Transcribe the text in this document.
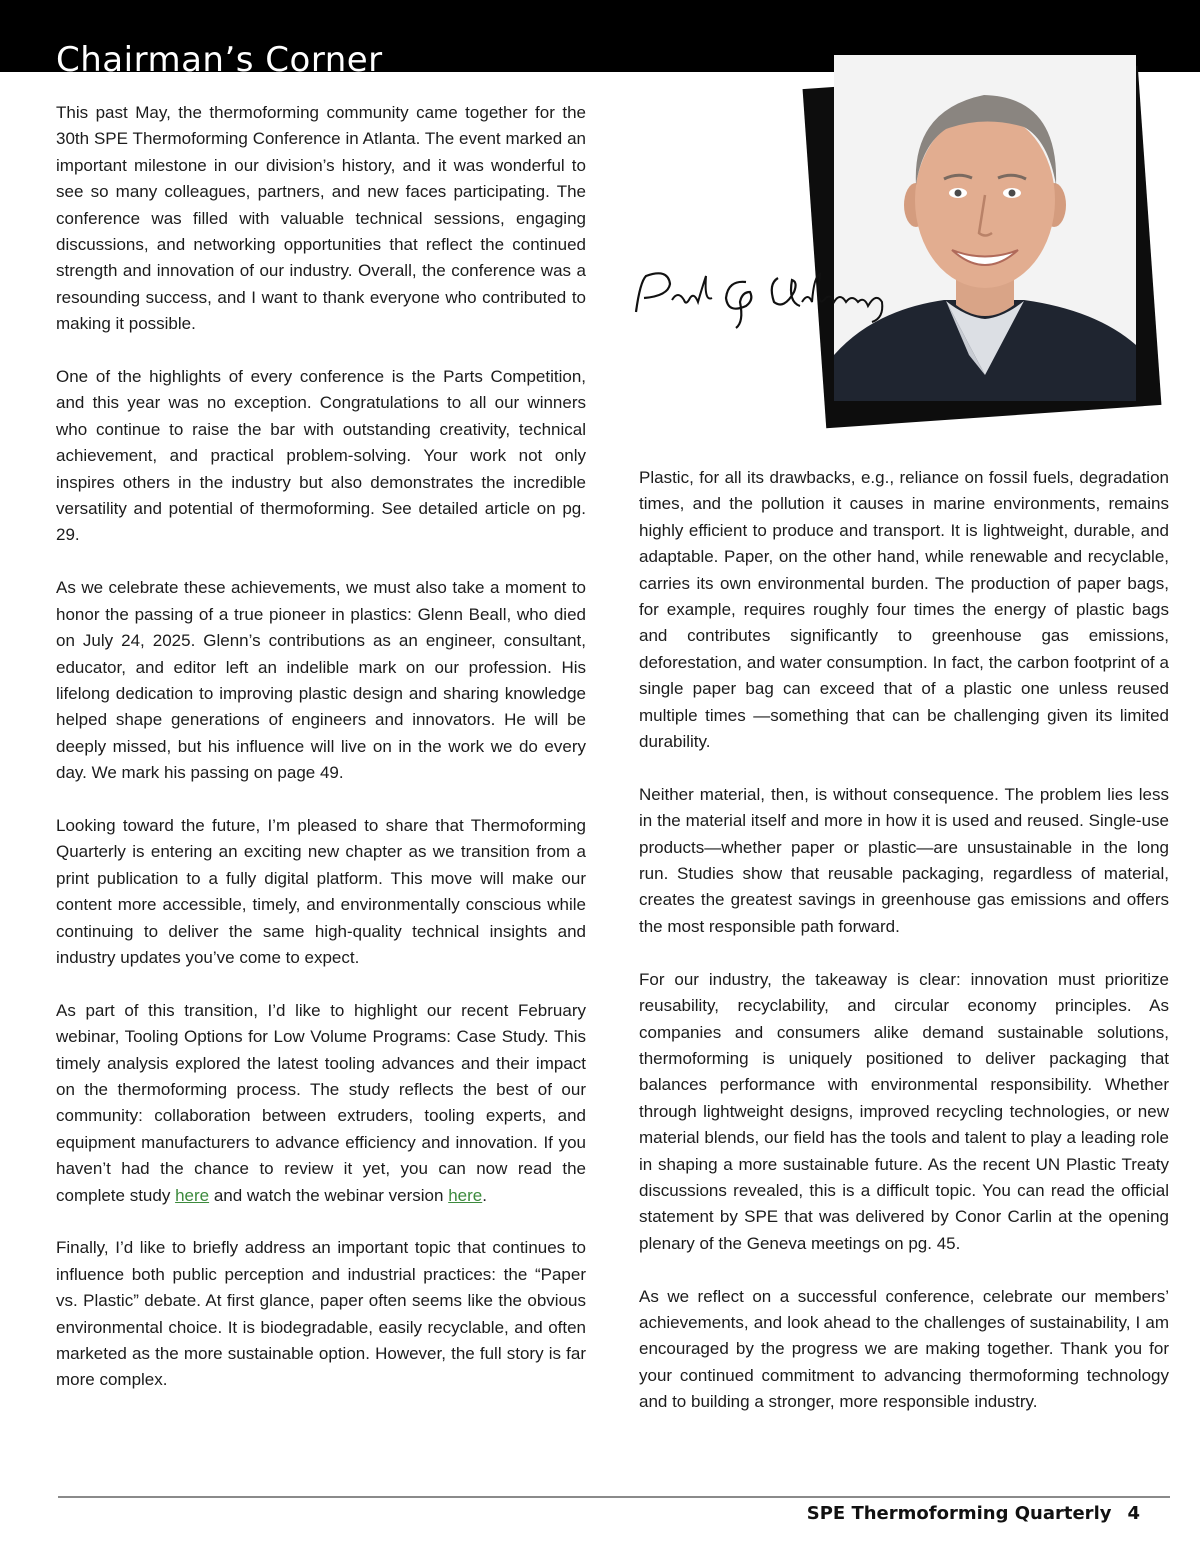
Chairman’s Corner

This past May, the thermoforming community came together for the 30th SPE Thermoforming Conference in Atlanta. The event marked an important milestone in our division’s history, and it was wonderful to see so many colleagues, partners, and new faces participating. The conference was filled with valuable technical sessions, engaging discussions, and networking opportunities that reflect the continued strength and innovation of our industry. Overall, the conference was a resounding success, and I want to thank everyone who contributed to making it possible.

One of the highlights of every conference is the Parts Competition, and this year was no exception. Congratulations to all our winners who continue to raise the bar with outstanding creativity, technical achievement, and practical problem-solving. Your work not only inspires others in the industry but also demonstrates the incredible versatility and potential of thermoforming. See detailed article on pg. 29.

As we celebrate these achievements, we must also take a moment to honor the passing of a true pioneer in plastics: Glenn Beall, who died on July 24, 2025. Glenn’s contributions as an engineer, consultant, educator, and editor left an indelible mark on our profession. His lifelong dedication to improving plastic design and sharing knowledge helped shape generations of engineers and innovators. He will be deeply missed, but his influence will live on in the work we do every day. We mark his passing on page 49.

Looking toward the future, I’m pleased to share that Thermoforming Quarterly is entering an exciting new chapter as we transition from a print publication to a fully digital platform. This move will make our content more accessible, timely, and environmentally conscious while continuing to deliver the same high-quality technical insights and industry updates you’ve come to expect.

As part of this transition, I’d like to highlight our recent February webinar, Tooling Options for Low Volume Programs: Case Study. This timely analysis explored the latest tooling advances and their impact on the thermoforming process. The study reflects the best of our community: collaboration between extruders, tooling experts, and equipment manufacturers to advance efficiency and innovation. If you haven’t had the chance to review it yet, you can now read the complete study here and watch the webinar version here.

Finally, I’d like to briefly address an important topic that continues to influence both public perception and industrial practices: the “Paper vs. Plastic” debate. At first glance, paper often seems like the obvious environmental choice. It is biodegradable, easily recyclable, and often marketed as the more sustainable option. However, the full story is far more complex.

Plastic, for all its drawbacks, e.g., reliance on fossil fuels, degradation times, and the pollution it causes in marine environments, remains highly efficient to produce and transport. It is lightweight, durable, and adaptable. Paper, on the other hand, while renewable and recyclable, carries its own environmental burden. The production of paper bags, for example, requires roughly four times the energy of plastic bags and contributes significantly to greenhouse gas emissions, deforestation, and water consumption. In fact, the carbon footprint of a single paper bag can exceed that of a plastic one unless reused multiple times —something that can be challenging given its limited durability.

Neither material, then, is without consequence. The problem lies less in the material itself and more in how it is used and reused. Single-use products—whether paper or plastic—are unsustainable in the long run. Studies show that reusable packaging, regardless of material, creates the greatest savings in greenhouse gas emissions and offers the most responsible path forward.

For our industry, the takeaway is clear: innovation must prioritize reusability, recyclability, and circular economy principles. As companies and consumers alike demand sustainable solutions, thermoforming is uniquely positioned to deliver packaging that balances performance with environmental responsibility. Whether through lightweight designs, improved recycling technologies, or new material blends, our field has the tools and talent to play a leading role in shaping a more sustainable future. As the recent UN Plastic Treaty discussions revealed, this is a difficult topic. You can read the official statement by SPE that was delivered by Conor Carlin at the opening plenary of the Geneva meetings on pg. 45.

As we reflect on a successful conference, celebrate our members’ achievements, and look ahead to the challenges of sustainability, I am encouraged by the progress we are making together. Thank you for your continued commitment to advancing thermoforming technology and to building a stronger, more responsible industry.

SPE Thermoforming Quarterly 4
